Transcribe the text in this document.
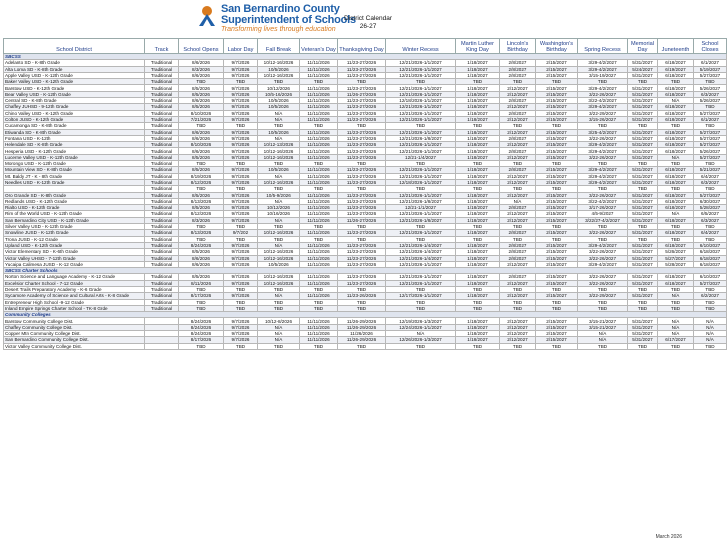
San Bernardino County
Superintendent of Schools
Transforming lives through education
District Calendar
26-27
School District	Track	School Opens	Labor Day	Fall Break	Veteran's Day	Thanksgiving Day	Winter Recess	Martin Luther King Day	Lincoln's Birthday	Washington's Birthday	Spring Recess	Memorial Day	Juneteenth	School Closes
SBCSS														
Adelanto SD - K-8th Grade	Traditional	8/6/2026	9/7/2026	10/12-16/2026	11/11/2026	11/23-27/2026	12/21/2026-1/1/2027	1/18/2027	2/8/2027	2/15/2027	3/29-4/2/2027	5/31/2027	6/18/2027	6/1/2027
Alta Loma SD - K-8th Grade	Traditional	8/3/2026	9/7/2026	10/5/2026	11/11/2026	11/23-27/2026	12/21/2026-1/1/2027	1/18/2027	2/8/2027	2/15/2027	3/29-4/2/2027	5/24/2027	6/19/2027	5/19/2027
Apple Valley USD - K-12th Grade	Traditional	8/6/2026	9/7/2026	10/12-16/2026	11/11/2026	11/23-27/2026	12/21/2026-1/1/2027	1/18/2027	2/8/2027	2/15/2027	3/15-19/2027	5/31/2027	6/18/2027	5/27/2027
Baker Valley USD - K-12th Grade	Traditional	TBD	TBD	TBD	TBD	TBD	TBD	TBD	TBD	TBD	TBD	TBD	TBD	TBD
Barstow USD - K-12th Grade	Traditional	8/5/2026	9/7/2026	10/12/2026	11/11/2026	11/23-27/2026	12/21/2026-1/1/2027	1/18/2027	2/12/2027	2/15/2027	3/29-4/2/2027	5/31/2027	6/18/2027	5/26/2027
Bear Valley USD - K-12th Grade	Traditional	8/5/2026	9/7/2026	10/5-16/2026	11/11/2026	11/26-27/2026	12/21/2026-1/1/2027	1/18/2027	2/12/2027	2/15/2027	3/22-26/2027	5/31/2027	6/18/2027	6/3/2027
Central SD - K-8th Grade	Traditional	8/6/2026	9/7/2026	10/5/2026	11/11/2026	11/23-27/2026	12/18/2026-1/1/2027	1/18/2027	2/8/2027	2/15/2027	3/22-4/2/2027	5/31/2027	N/A	5/26/2027
Chaffey JUHSD - 9-12th Grade	Traditional	8/5/2026	9/7/2026	10/5/2026	11/11/2026	11/23-27/2026	12/21/2026-1/1/2027	1/18/2027	2/12/2027	2/15/2027	3/29-4/2/2027	5/31/2027	6/18/2027	TBD
Chino Valley USD - K-12th Grade	Traditional	8/10/2026	9/7/2026	N/A	11/11/2026	11/23-27/2026	12/21/2026-1/1/2027	1/18/2027	2/8/2027	2/15/2027	3/22-29/2027	5/31/2027	6/18/2027	5/27/2027
Colton JUSD - K-12th Grade	Traditional	7/21/2026	9/7/2026	N/A	11/11/2026	11/23-27/2026	12/21/2026-1/1/2027	1/18/2027	2/12/2027	2/15/2027	3/15-26/2027	5/31/2027	6/18/2027	6/1/2027
Cucamonga SD - K-8th Grade	Traditional	TBD	TBD	TBD	TBD	TBD	TBD	TBD	TBD	TBD	TBD	TBD	TBD	TBD
Etiwanda SD - K-8th Grade	Traditional	8/6/2026	9/7/2026	10/5/2026	11/11/2026	11/23-27/2026	12/21/2026-1/1/2027	1/18/2027	2/12/2027	2/15/2027	3/25-4/2/2027	5/31/2027	6/18/2027	5/27/2027
Fontana USD - K-12th	Traditional	8/6/2026	9/7/2026	N/A	11/11/2026	11/23-27/2026	12/21/2026-1/8/2027	1/18/2027	2/8/2027	2/15/2027	3/22-26/2027	5/31/2027	6/18/2027	5/27/2027
Helendale SD - K-8th Grade	Traditional	8/10/2026	9/7/2026	10/12-13/2026	11/11/2026	11/23-27/2026	12/21/2026-1/1/2027	1/18/2027	2/12/2027	2/15/2027	3/29-4/2/2027	5/31/2027	6/18/2027	5/27/2027
Hesperia USD - K-12th Grade	Traditional	8/6/2026	9/7/2026	10/12-16/2026	11/11/2026	11/23-27/2026	12/21/2026-1/1/2027	1/18/2027	2/8/2027	2/15/2027	3/29-4/2/2027	5/31/2027	6/18/2027	5/26/2027
Lucerne Valley USD - K-12th Grade	Traditional	8/5/2026	9/7/2026	10/12-16/2026	11/11/2026	11/23-27/2026	12/21-1/4/2027	1/18/2027	2/12/2027	2/15/2027	3/22-26/2027	5/31/2027	N/A	5/27/2027
Morongo USD - K-12th Grade	Traditional	TBD	TBD	TBD	TBD	TBD	TBD	TBD	TBD	TBD	TBD	TBD	TBD	TBD
Mountain View SD - K-8th Grade	Traditional	8/5/2026	9/7/2026	10/5/2026	11/11/2026	11/23-27/2026	12/21/2026-1/1/2027	1/18/2027	2/8/2027	2/15/2027	3/29-4/2/2027	5/31/2027	6/18/2027	5/21/2027
Mt. Baldy JT - K - 8th Grade	Traditional	8/19/2026	9/7/2026	N/A	11/11/2026	11/23-27/2026	12/21/2026-1/1/2027	1/18/2027	2/12/2027	2/15/2027	3/29-4/2/2027	5/31/2027	6/18/2027	6/4/2027
Needles USD - K-12th Grade	Traditional	8/12/2026	9/7/2026	10/12-16/2026	11/11/2026	11/23-27/2026	12/18/2026-1/1/2027	1/18/2027	2/12/2027	2/15/2027	3/29-4/2/2027	5/31/2027	6/18/2027	6/3/2027
	Traditional	TBD	TBD	TBD	TBD	TBD	TBD	TBD	TBD	TBD	TBD	TBD	TBD	TBD
Oro Grande SD - K-8th Grade	Traditional	8/5/2026	9/7/2026	10/5-9/2026	11/11/2026	11/23-27/2026	12/21/2026-1/1/2027	1/18/2027	2/12/2027	2/15/2027	3/22-26/2027	5/31/2027	6/18/2027	5/27/2027
Redlands USD - K-12th Grade	Traditional	8/13/2026	9/7/2026	N/A	11/11/2026	11/23-27/2026	12/21/2026-1/8/2027	1/18/2027	N/A	2/15/2027	3/22-4/2/2027	5/31/2027	6/18/2027	6/30/2027
Rialto USD - K-12th Grade	Traditional	8/5/2026	9/7/2026	10/12/2026	11/11/2026	11/23-27/2026	12/21-1/1/2027	1/18/2027	2/8/2027	2/15/2027	3/17-26/2027	5/31/2027	6/18/2027	5/28/2027
Rim of the World USD - K-12th Grade	Traditional	8/12/2026	9/7/2026	10/16/2026	11/11/2026	11/23-27/2026	12/21/2026-1/1/2027	1/18/2027	2/12/2027	2/15/2027	4/5-9/2027	5/31/2027	N/A	6/5/2027
San Bernardino City USD - K-12th Grade	Traditional	8/3/2026	9/7/2026	N/A	11/11/2026	11/26-27/2026	12/21/2026-1/8/2027	1/18/2027	2/12/2027	2/15/2027	3/22/27-4/2/2027	5/31/2027	6/18/2027	6/3/2027
Silver Valley USD - K-12th Grade	Traditional	TBD	TBD	TBD	TBD	TBD	TBD	TBD	TBD	TBD	TBD	TBD	TBD	TBD
Snowline JUSD - K-12th Grade	Traditional	8/13/2026	9/7/202	10/12-16/2026	11/11/2026	11/23-27/2026	12/21/2026-1/1/2027	1/18/2027	2/8/2027	2/15/2027	3/22-26/2027	5/31/2027	6/18/2027	6/4/2027
Trona JUSD - K-12 Grade	Traditional	TBD	TBD	TBD	TBD	TBD	TBD	TBD	TBD	TBD	TBD	TBD	TBD	TBD
Upland USD - K-12th Grade	Traditional	8/24/2026	9/7/2026	N/A	11/11/2026	11/23-27/2026	12/21/2026-1/4/2027	1/18/2027	2/8/2027	2/15/2027	3/29-4/2/2027	5/31/2027	6/18/2027	6/10/2027
Victor Elementary SD - K-6th Grade	Traditional	8/5/2026	9/7/2026	10/12-16/2026	11/11/2026	11/23-27/2026	12/21/2026-1/4/2027	1/18/2027	2/8/2027	2/15/2027	3/22-26/2027	5/31/2027	5/26/2027	6/18/2027
Victor Valley UHSD - 7-12th Grade	Traditional	8/6/2026	9/7/2026	10/12-16/2026	11/11/2026	11/23-27/2026	12/21/2026-1/4/2027	1/18/2027	2/8/2027	2/15/2027	3/22-26/2027	5/31/2027	5/27/2027	6/18/2027
Yucaipa Calimesa JUSD - K-12 Grade	Traditional	8/6/2026	9/7/2026	10/5/2026	11/11/2026	11/23-27/2026	12/21/2026-1/1/2027	1/18/2027	2/12/2027	2/15/2027	3/29-4/2/2027	5/31/2027	5/28/2027	6/18/2027
SBCSS Charter Schools														
Norton Science and Language Academy - K-12 Grade	Traditional	8/5/2026	9/7/2026	10/12-16/2026	11/11/2026	11/23-27/2026	12/21/2026-1/1/2027	1/18/2027	2/8/2027	2/15/2027	3/22-26/2027	5/31/2027	6/18/2027	6/10/2027
Excelsior Charter School - 7-12 Grade	Traditional	8/11/2026	9/7/2026	10/12-16/2026	11/11/2026	11/23-27/2026	12/21/2026-1/1/2027	1/18/2027	2/12/2027	2/15/2027	3/22-26/2027	5/31/2027	6/18/2027	5/27/2027
Desert Trails Preparatory Academy - K-6 Grade	Traditional	TBD	TBD	TBD	TBD	TBD	TBD	TBD	TBD	TBD	TBD	TBD	TBD	TBD
Sycamore Academy of Science and Cultural Arts - K-8 Grade	Traditional	8/17/2026	9/7/2026	N/A	11/11/2026	11/23-26/2026	12/17/2026-1/1/2027	1/18/2027	2/12/2027	2/15/2027	3/22-29/2027	5/31/2027	N/A	6/2/2027
Entrepreneur High School -9-12 Grade	Traditional	TBD	TBD	TBD	TBD	TBD	TBD	TBD	TBD	TBD	TBD	TBD	TBD	TBD
Inland Empire Springs Charter School - TK-8 Grde	Traditional	TBD	TBD	TBD	TBD	TBD	TBD	TBD	TBD	TBD	TBD	TBD	TBD	TBD
Community Colleges														
Barstow Community College Dist.		8/24/2026	9/7/2026	10/12-8/2026	11/11/2026	11/26-29/2026	12/19/2026-1/3/2027	1/18/2027	2/12/2027	2/15/2027	3/15-21/2027	5/31/2027	N/A	N/A
Chaffey Community College Dist.		8/24/2026	9/7/2026	N/A	11/11/2026	11/26-29/2026	12/24/2026-1/1/2027	1/18/2027	2/12/2027	2/15/2027	3/15-21/2027	5/31/2027	N/A	N/A
Copper Mtn Community College Dist.		8/24/2026	9/7/2026	N/A	11/11/2026	11/26/2026	N/A	1/18/2027	2/12/2027	2/15/2027	N/A	5/31/2027	N/A	N/A
San Bernardino Community College Dist.		8/17/2026	9/7/2026	N/A	11/11/2026	11/26-29/2026	12/26/2026-1/3/2027	1/18/2027	2/12/2027	2/15/2027	N/A	5/31/2027	6/17/2027	N/A
Victor Valley Community College Dist.		TBD	TBD	TBD	TBD	TBD	TBD	TBD	TBD	TBD	TBD	TBD	TBD	TBD
March 2026
